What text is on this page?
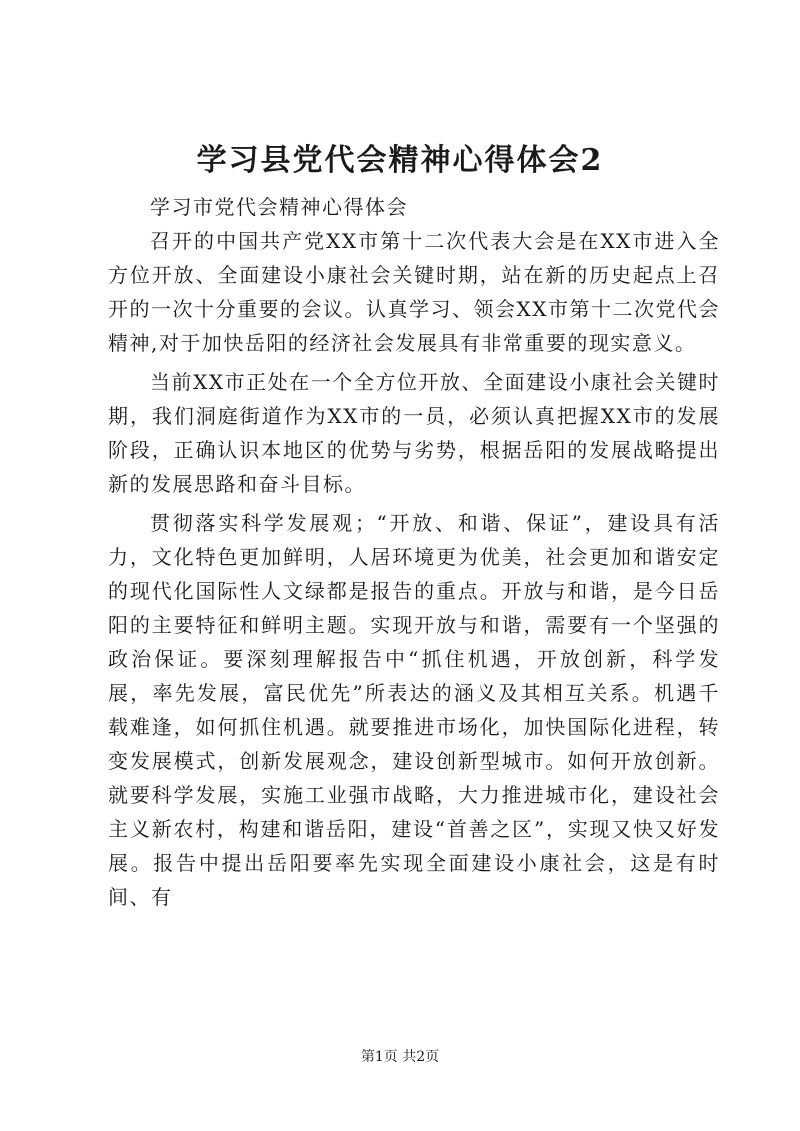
学习县党代会精神心得体会2

学习市党代会精神心得体会

召开的中国共产党XX市第十二次代表大会是在XX市进入全方位开放、全面建设小康社会关键时期，站在新的历史起点上召开的一次十分重要的会议。认真学习、领会XX市第十二次党代会精神,对于加快岳阳的经济社会发展具有非常重要的现实意义。

当前XX市正处在一个全方位开放、全面建设小康社会关键时期，我们洞庭街道作为XX市的一员，必须认真把握XX市的发展阶段，正确认识本地区的优势与劣势，根据岳阳的发展战略提出新的发展思路和奋斗目标。

贯彻落实科学发展观；“开放、和谐、保证”，建设具有活力，文化特色更加鲜明，人居环境更为优美，社会更加和谐安定的现代化国际性人文绿都是报告的重点。开放与和谐，是今日岳阳的主要特征和鲜明主题。实现开放与和谐，需要有一个坚强的政治保证。要深刻理解报告中“抓住机遇，开放创新，科学发展，率先发展，富民优先”所表达的涵义及其相互关系。机遇千载难逢，如何抓住机遇。就要推进市场化，加快国际化进程，转变发展模式，创新发展观念，建设创新型城市。如何开放创新。就要科学发展，实施工业强市战略，大力推进城市化，建设社会主义新农村，构建和谐岳阳，建设“首善之区”，实现又快又好发展。报告中提出岳阳要率先实现全面建设小康社会，这是有时间、有

第1页 共2页
